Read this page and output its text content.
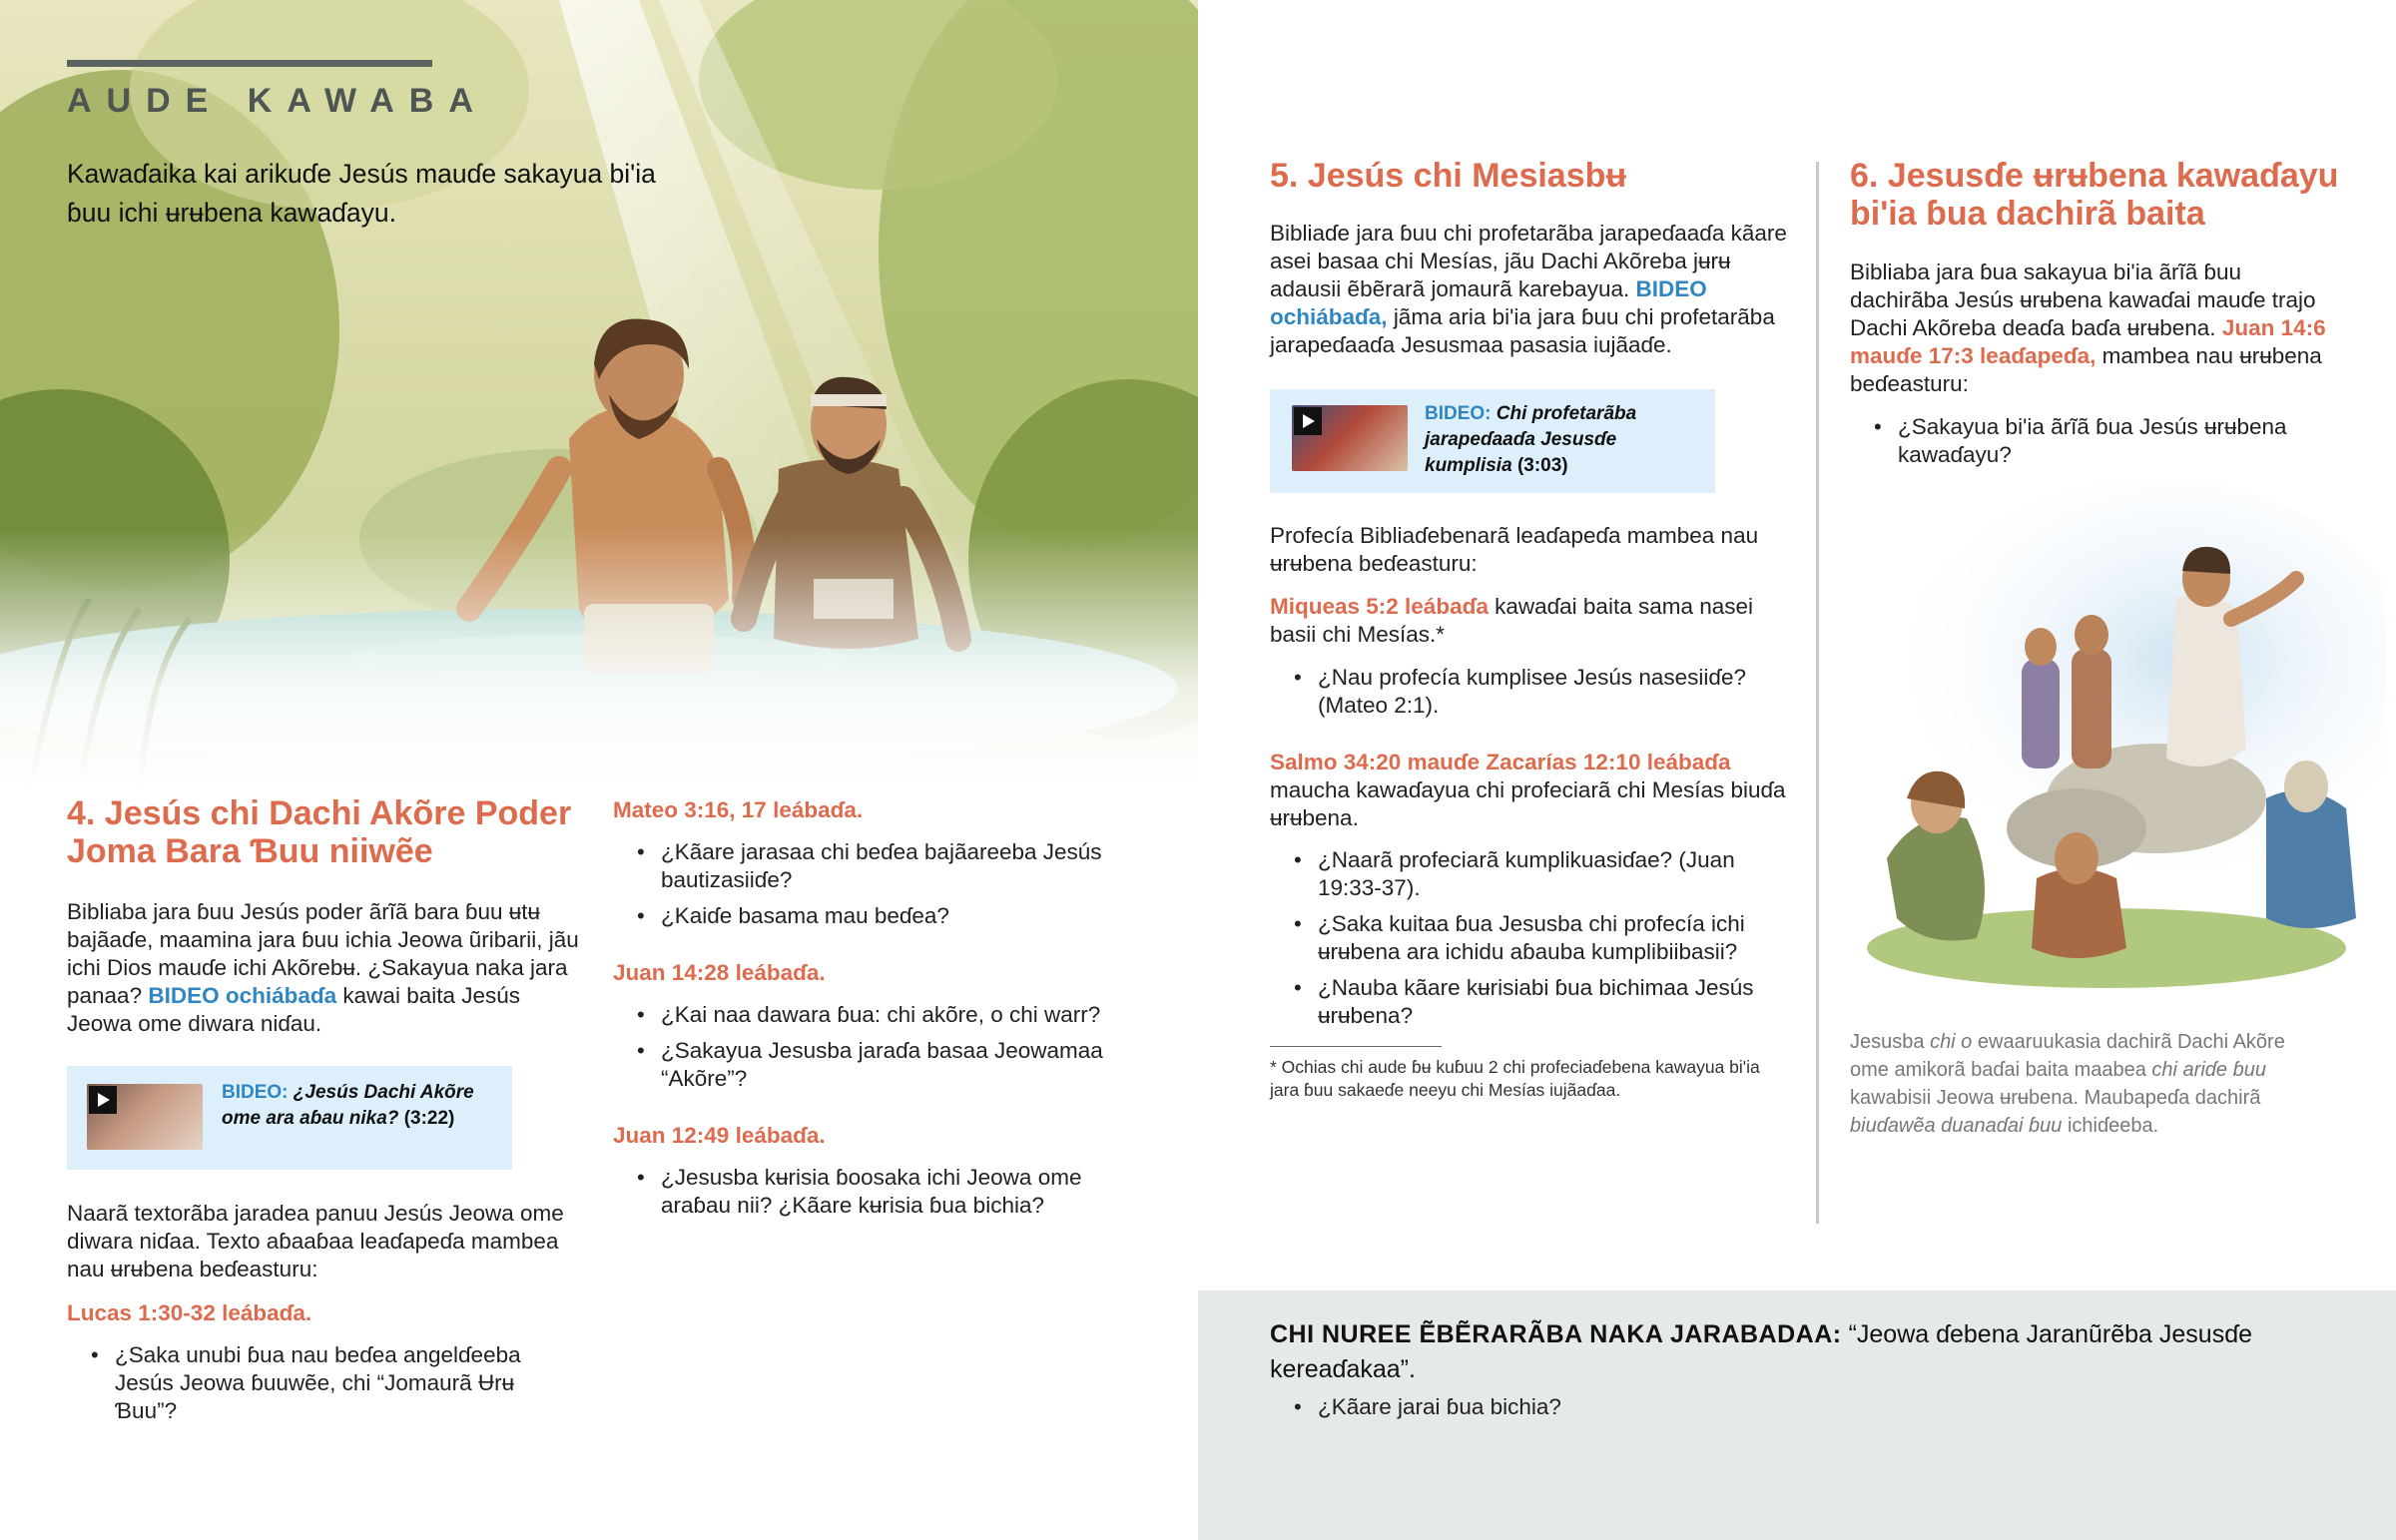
AUDE KAWABA
Kawaɗaika kai arikuɗe Jesús mauɗe sakayua bi'ia ɓuu ichi ʉrʉbena kawaɗayu.
4. Jesús chi Dachi Akõre Poder Joma Bara Ɓuu niiwẽe
Bibliaba jara ɓuu Jesús poder ãrĩã bara ɓuu ʉtʉ bajãaɗe, maamina jara ɓuu ichia Jeowa ũribarii, jãu ichi Dios mauɗe ichi Akõrebʉ. ¿Sakayua naka jara panaa? BIDEO ochiábaɗa kawai baita Jesús Jeowa ome diwara niɗau.
BIDEO: ¿Jesús Dachi Akõre ome ara aɓau nika? (3:22)
Naarã textorãba jaradea panuu Jesús Jeowa ome diwara niɗaa. Texto aɓaaɓaa leaɗapeɗa mambea nau ʉrʉbena beɗeasturu:
Lucas 1:30-32 leábaɗa.
• ¿Saka unubi ɓua nau beɗea angelɗeeba Jesús Jeowa ɓuuwẽe, chi “Jomaurã Ʉrʉ Ɓuu”?
Mateo 3:16, 17 leábaɗa.
• ¿Kãare jarasaa chi beɗea bajãareeba Jesús bautizasiiɗe?
• ¿Kaiɗe basama mau beɗea?
Juan 14:28 leábaɗa.
• ¿Kai naa dawara ɓua: chi akõre, o chi warr?
• ¿Sakayua Jesusba jaraɗa basaa Jeowamaa “Akõre”?
Juan 12:49 leábaɗa.
• ¿Jesusba kʉrisia ɓoosaka ichi Jeowa ome araɓau nii? ¿Kãare kʉrisia ɓua bichia?
5. Jesús chi Mesiasbʉ
Bibliaɗe jara ɓuu chi profetarãba jarapeɗaaɗa kãare asei basaa chi Mesías, jãu Dachi Akõreba jʉrʉ adausii ẽbẽrarã jomaurã karebayua. BIDEO ochiábaɗa, jãma aria bi'ia jara ɓuu chi profetarãba jarapeɗaaɗa Jesusmaa pasasia iujãaɗe.
BIDEO: Chi profetarãba jarapeɗaaɗa Jesusɗe kumplisia (3:03)
Profecía Bibliaɗebenarã leaɗapeɗa mambea nau ʉrʉbena beɗeasturu:
Miqueas 5:2 leábaɗa kawaɗai baita sama nasei basii chi Mesías.*
• ¿Nau profecía kumplisee Jesús nasesiiɗe? (Mateo 2:1).
Salmo 34:20 mauɗe Zacarías 12:10 leábaɗa maucha kawaɗayua chi profeciarã chi Mesías biuɗa ʉrʉbena.
• ¿Naarã profeciarã kumplikuasiɗae? (Juan 19:33-37).
• ¿Saka kuitaa ɓua Jesusba chi profecía ichi ʉrʉbena ara ichidu aɓauba kumplibiibasii?
• ¿Nauba kãare kʉrisiabi ɓua bichimaa Jesús ʉrʉbena?
* Ochias chi aude ɓʉ kuɓuu 2 chi profeciaɗebena kawayua bi'ia jara ɓuu sakaeɗe neeyu chi Mesías iujãaɗaa.
6. Jesusɗe ʉrʉbena kawaɗayu bi'ia ɓua dachirã baita
Bibliaba jara ɓua sakayua bi'ia ãrĩã ɓuu dachirãba Jesús ʉrʉbena kawaɗai mauɗe trajo Dachi Akõreba deaɗa baɗa ʉrʉbena. Juan 14:6 mauɗe 17:3 leaɗapeɗa, mambea nau ʉrʉbena beɗeasturu:
• ¿Sakayua bi'ia ãrĩã ɓua Jesús ʉrʉbena kawaɗayu?
Jesusba chi o ewaaruukasia dachirã Dachi Akõre ome amikorã baɗai baita maabea chi ariɗe ɓuu kawabisii Jeowa ʉrʉbena. Maubapeɗa dachirã biuɗawẽa duanaɗai ɓuu ichiɗeeba.
CHI NUREE ẼBẼRARÃBA NAKA JARABADAA: “Jeowa ɗebena Jaranũrẽba Jesusɗe kereaɗakaa”.
• ¿Kãare jarai ɓua bichia?
